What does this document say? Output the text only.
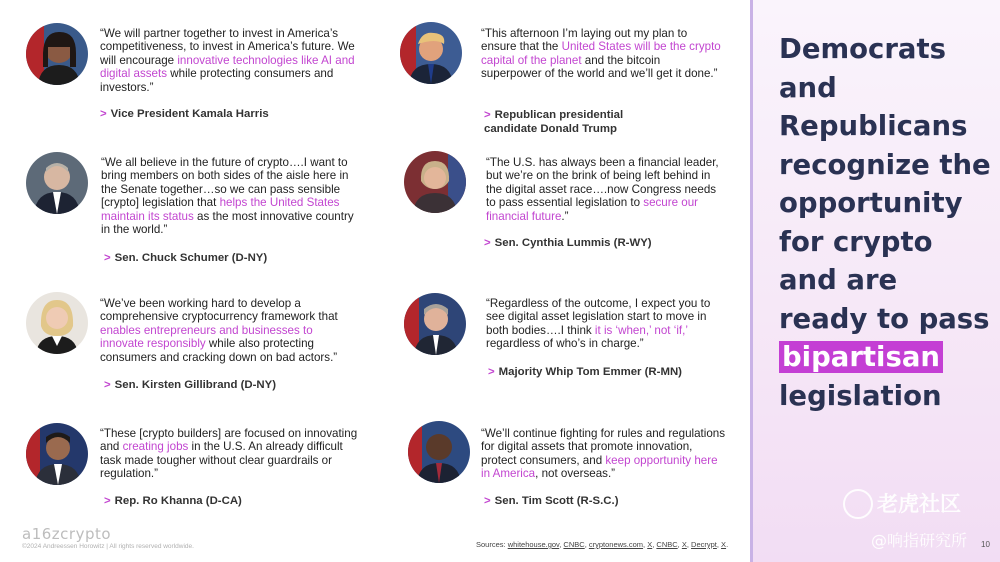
“We will partner together to invest in America’s competitiveness, to invest in America’s future. We will encourage innovative technologies like AI and digital assets while protecting consumers and investors.”
> Vice President Kamala Harris
“We all believe in the future of crypto….I want to bring members on both sides of the aisle here in the Senate together…so we can pass sensible [crypto] legislation that helps the United States maintain its status as the most innovative country in the world.”
> Sen. Chuck Schumer (D-NY)
“We’ve been working hard to develop a comprehensive cryptocurrency framework that enables entrepreneurs and businesses to innovate responsibly while also protecting consumers and cracking down on bad actors.”
> Sen. Kirsten Gillibrand (D-NY)
“These [crypto builders] are focused on innovating and creating jobs in the U.S. An already difficult task made tougher without clear guardrails or regulation.”
> Rep. Ro Khanna (D-CA)
“This afternoon I’m laying out my plan to ensure that the United States will be the crypto capital of the planet and the bitcoin superpower of the world and we’ll get it done.”
> Republican presidential candidate Donald Trump
“The U.S. has always been a financial leader, but we’re on the brink of being left behind in the digital asset race….now Congress needs to pass essential legislation to secure our financial future.”
> Sen. Cynthia Lummis (R-WY)
“Regardless of the outcome, I expect you to see digital asset legislation start to move in both bodies….I think it is ‘when,’ not ‘if,’ regardless of who’s in charge.”
> Majority Whip Tom Emmer (R-MN)
“We’ll continue fighting for rules and regulations for digital assets that promote innovation, protect consumers, and keep opportunity here in America, not overseas.”
> Sen. Tim Scott (R-S.C.)
a16zcrypto
©2024 Andreessen Horowitz | All rights reserved worldwide.	Sources: whitehouse.gov, CNBC, cryptonews.com, X, CNBC, X, Decrypt, X.
Democrats and Republicans recognize the opportunity for crypto and are ready to pass bipartisan legislation
老虎社区
@响指研究所 10
